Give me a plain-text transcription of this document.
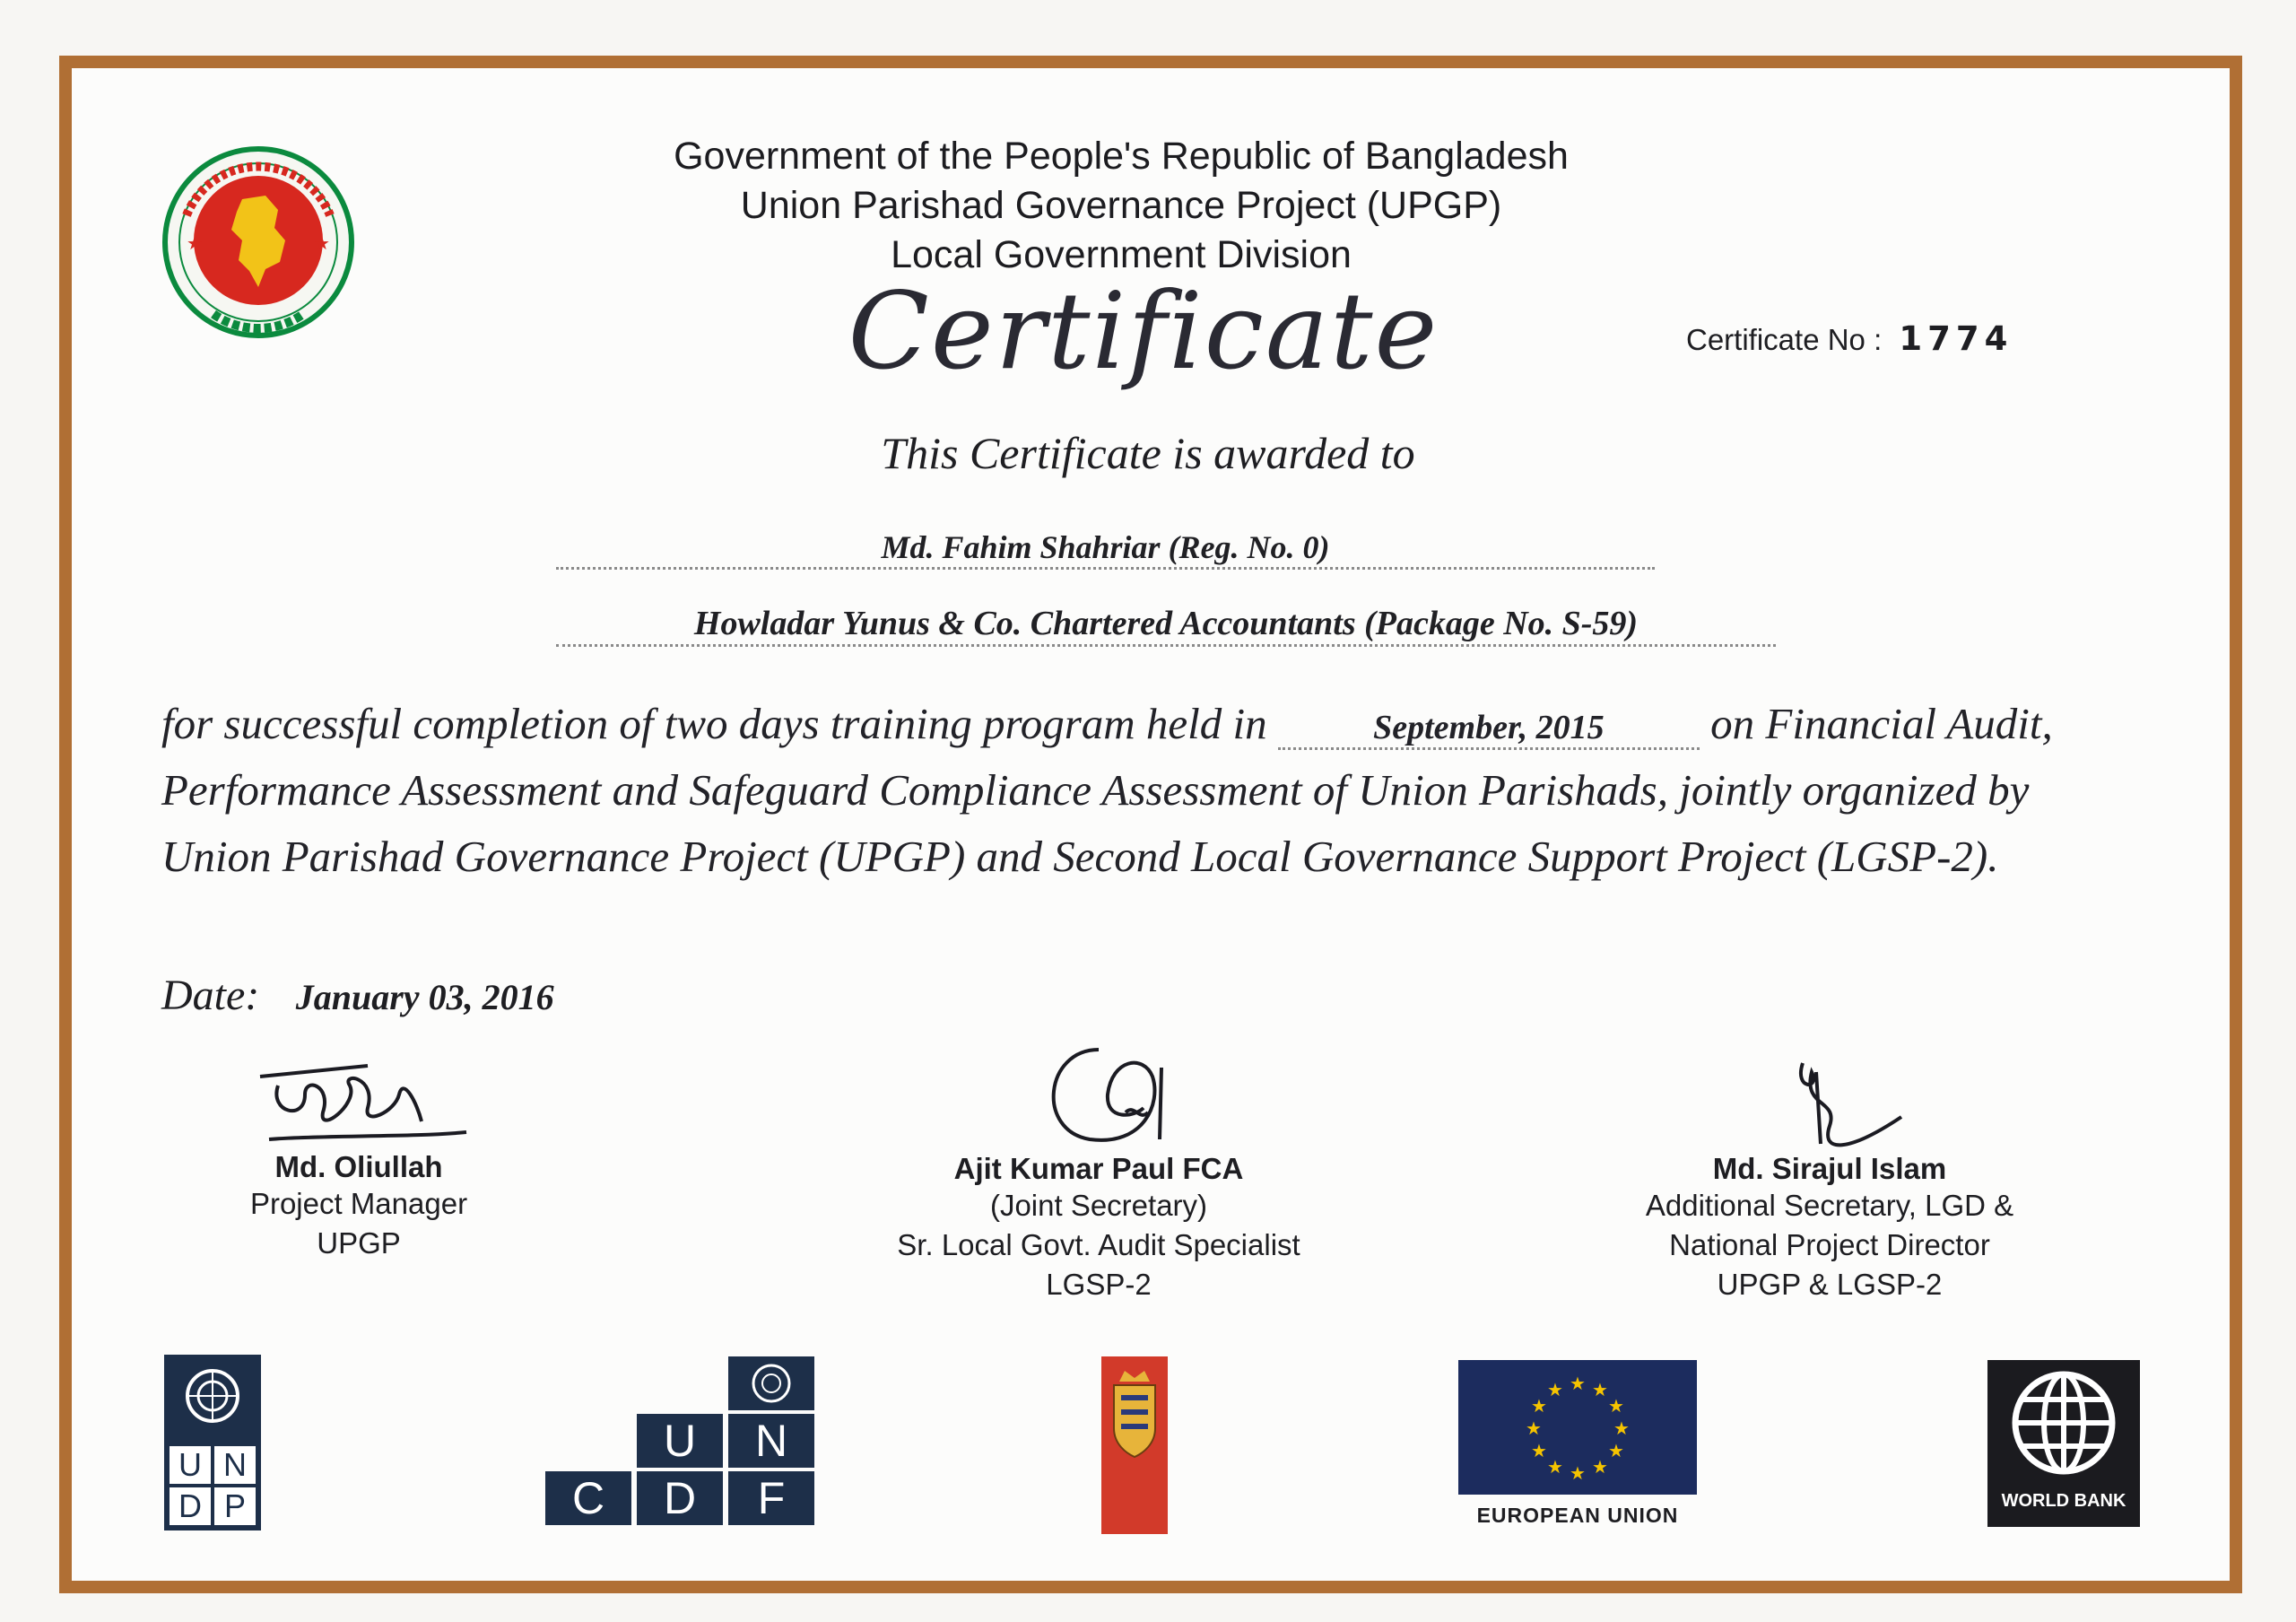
★	★
Government of the People's Republic of Bangladesh
Union Parishad Governance Project (UPGP)
Local Government Division
Certificate No : 1774
Certificate
This Certificate is awarded to
Md. Fahim Shahriar (Reg. No. 0)
Howladar Yunus & Co. Chartered Accountants (Package No. S-59)
for successful completion of two days training program held in	September, 2015 on Financial Audit, Performance Assessment and Safeguard Compliance Assessment of Union Parishads, jointly organized by Union Parishad Governance Project (UPGP) and Second Local Governance Support Project (LGSP-2).
Date: January 03, 2016
Md. Oliullah
Project Manager
UPGP
Ajit Kumar Paul FCA
(Joint Secretary)
Sr. Local Govt. Audit Specialist
LGSP-2
Md. Sirajul Islam
Additional Secretary, LGD &
National Project Director
UPGP & LGSP-2
U N
D P
U	N
C	D	F
★ ★
★
★
★
★
★
★
★
★
★
★
EUROPEAN UNION
WORLD BANK
